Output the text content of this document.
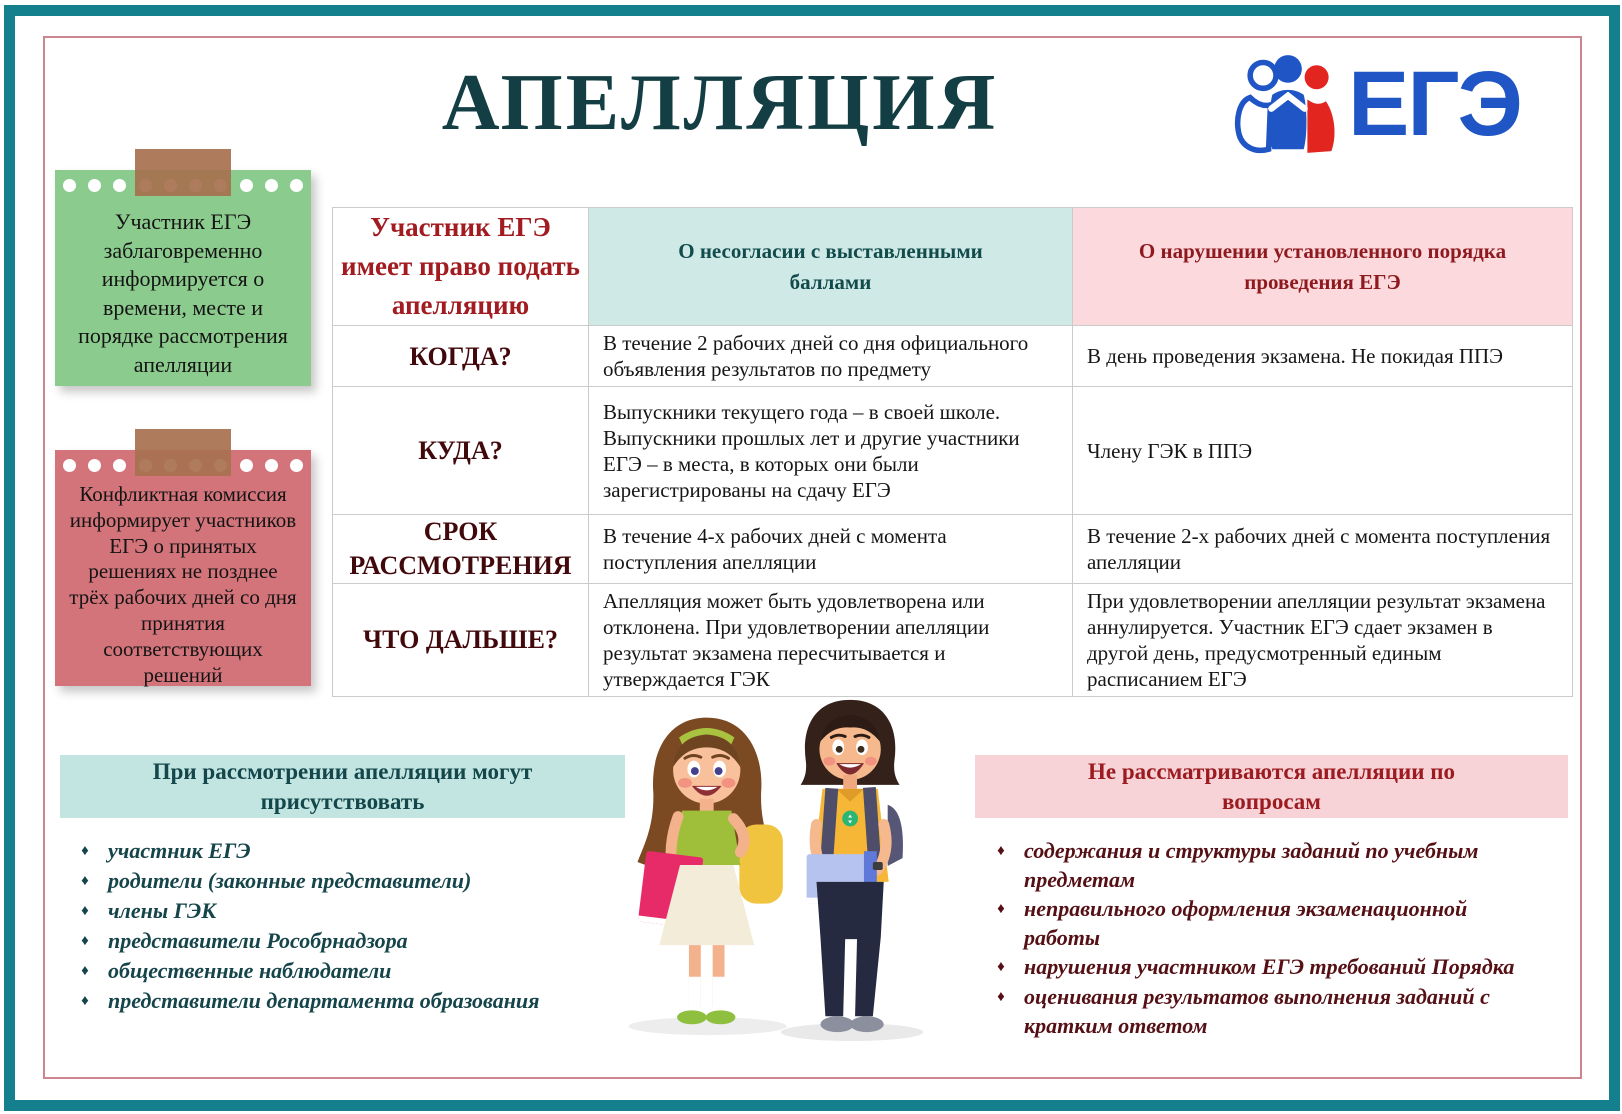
АПЕЛЛЯЦИЯ	ЕГЭ
Участник ЕГЭ заблаговременно информируется о времени, месте и порядке рассмотрения апелляции
Конфликтная комиссия информирует участников ЕГЭ о принятых решениях не позднее трёх рабочих дней со дня принятия соответствующих решений
Участник ЕГЭ имеет право подать апелляцию	О несогласии с выставленными баллами	О нарушении установленного порядка проведения ЕГЭ
КОГДА?	В течение 2 рабочих дней со дня официального объявления результатов по предмету	В день проведения экзамена. Не покидая ППЭ
КУДА?	Выпускники текущего года – в своей школе. Выпускники прошлых лет и другие участники ЕГЭ – в места, в которых они были зарегистрированы на сдачу ЕГЭ	Члену ГЭК в ППЭ
СРОК РАССМОТРЕНИЯ	В течение 4-х рабочих дней с момента поступления апелляции	В течение 2-х рабочих дней с момента поступления апелляции
ЧТО ДАЛЬШЕ?	Апелляция может быть удовлетворена или отклонена. При удовлетворении апелляции результат экзамена пересчитывается и утверждается ГЭК	При удовлетворении апелляции результат экзамена аннулируется. Участник ЕГЭ сдает экзамен в другой день, предусмотренный единым расписанием ЕГЭ
При рассмотрении апелляции могут присутствовать
♦ участник ЕГЭ
♦ родители (законные представители)
♦ члены ГЭК
♦ представители Рособрнадзора
♦ общественные наблюдатели
♦ представители департамента образования
Не рассматриваются апелляции по вопросам
♦ содержания и структуры заданий по учебным предметам
♦ неправильного оформления экзаменационной работы
♦ нарушения участником ЕГЭ требований Порядка
♦ оценивания результатов выполнения заданий с кратким ответом
